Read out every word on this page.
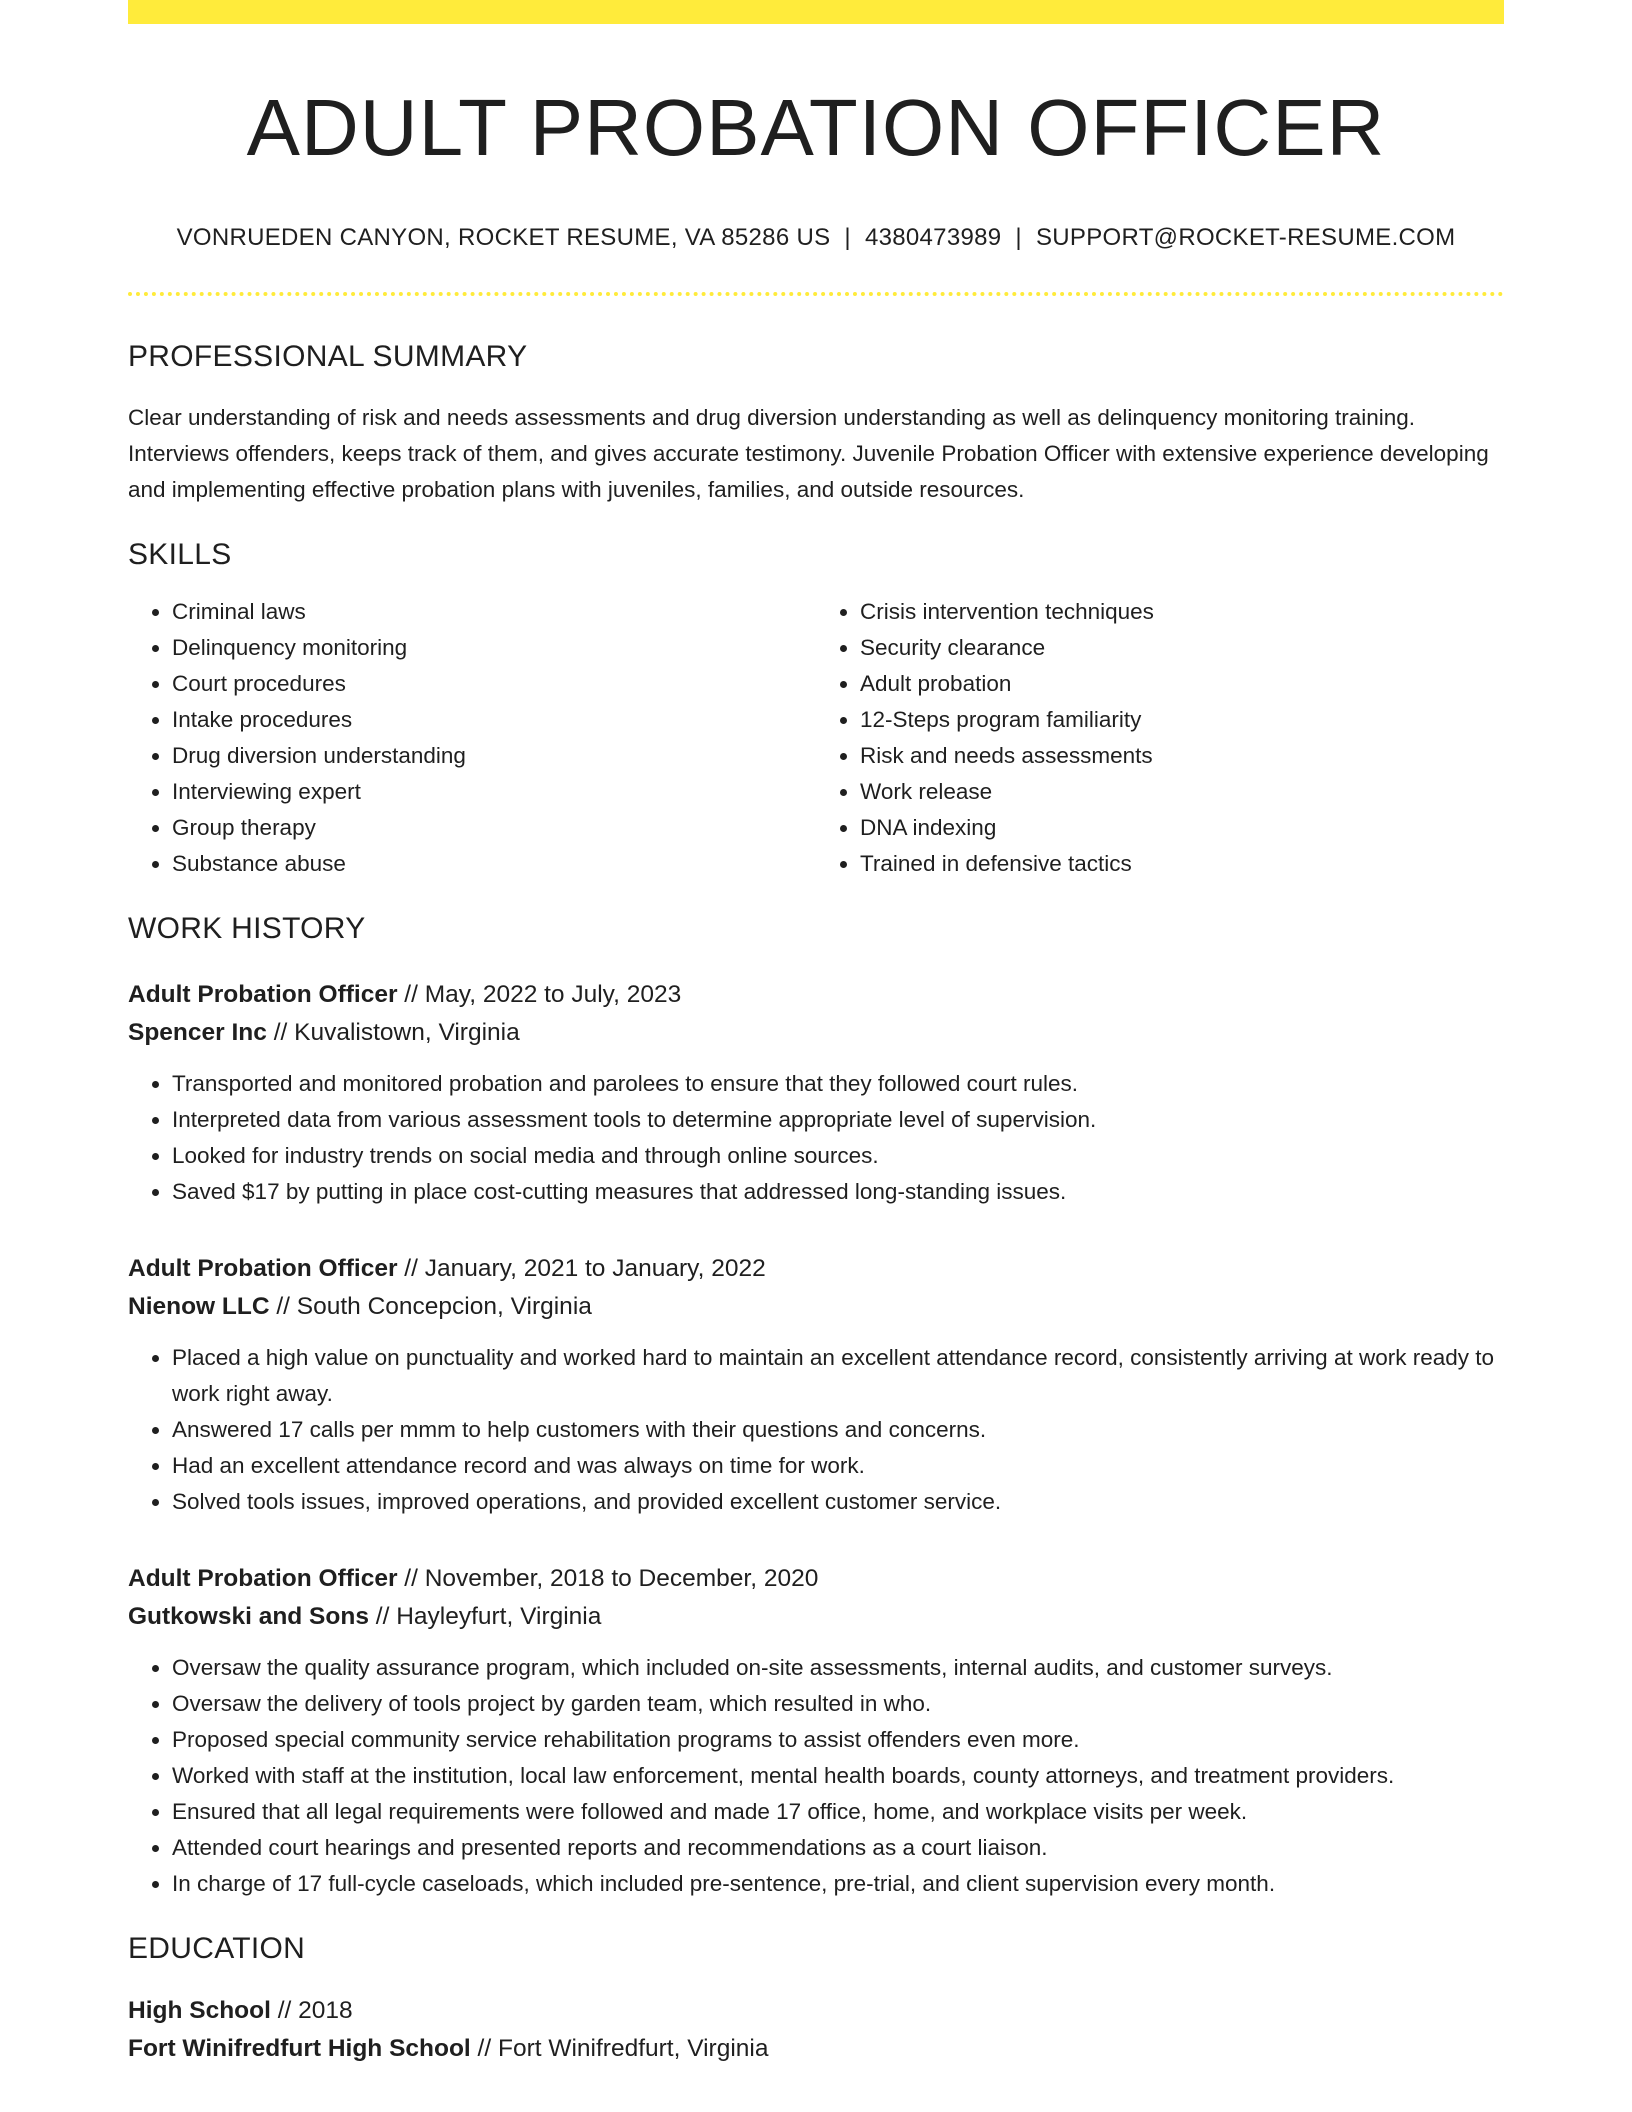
ADULT PROBATION OFFICER
VONRUEDEN CANYON, ROCKET RESUME, VA 85286 US | 4380473989 | SUPPORT@ROCKET-RESUME.COM
PROFESSIONAL SUMMARY
Clear understanding of risk and needs assessments and drug diversion understanding as well as delinquency monitoring training. Interviews offenders, keeps track of them, and gives accurate testimony. Juvenile Probation Officer with extensive experience developing and implementing effective probation plans with juveniles, families, and outside resources.
SKILLS
• Criminal laws
• Delinquency monitoring
• Court procedures
• Intake procedures
• Drug diversion understanding
• Interviewing expert
• Group therapy
• Substance abuse
• Crisis intervention techniques
• Security clearance
• Adult probation
• 12-Steps program familiarity
• Risk and needs assessments
• Work release
• DNA indexing
• Trained in defensive tactics
WORK HISTORY
Adult Probation Officer // May, 2022 to July, 2023
Spencer Inc // Kuvalistown, Virginia
• Transported and monitored probation and parolees to ensure that they followed court rules.
• Interpreted data from various assessment tools to determine appropriate level of supervision.
• Looked for industry trends on social media and through online sources.
• Saved $17 by putting in place cost-cutting measures that addressed long-standing issues.
Adult Probation Officer // January, 2021 to January, 2022
Nienow LLC // South Concepcion, Virginia
• Placed a high value on punctuality and worked hard to maintain an excellent attendance record, consistently arriving at work ready to work right away.
• Answered 17 calls per mmm to help customers with their questions and concerns.
• Had an excellent attendance record and was always on time for work.
• Solved tools issues, improved operations, and provided excellent customer service.
Adult Probation Officer // November, 2018 to December, 2020
Gutkowski and Sons // Hayleyfurt, Virginia
• Oversaw the quality assurance program, which included on-site assessments, internal audits, and customer surveys.
• Oversaw the delivery of tools project by garden team, which resulted in who.
• Proposed special community service rehabilitation programs to assist offenders even more.
• Worked with staff at the institution, local law enforcement, mental health boards, county attorneys, and treatment providers.
• Ensured that all legal requirements were followed and made 17 office, home, and workplace visits per week.
• Attended court hearings and presented reports and recommendations as a court liaison.
• In charge of 17 full-cycle caseloads, which included pre-sentence, pre-trial, and client supervision every month.
EDUCATION
High School // 2018
Fort Winifredfurt High School // Fort Winifredfurt, Virginia
